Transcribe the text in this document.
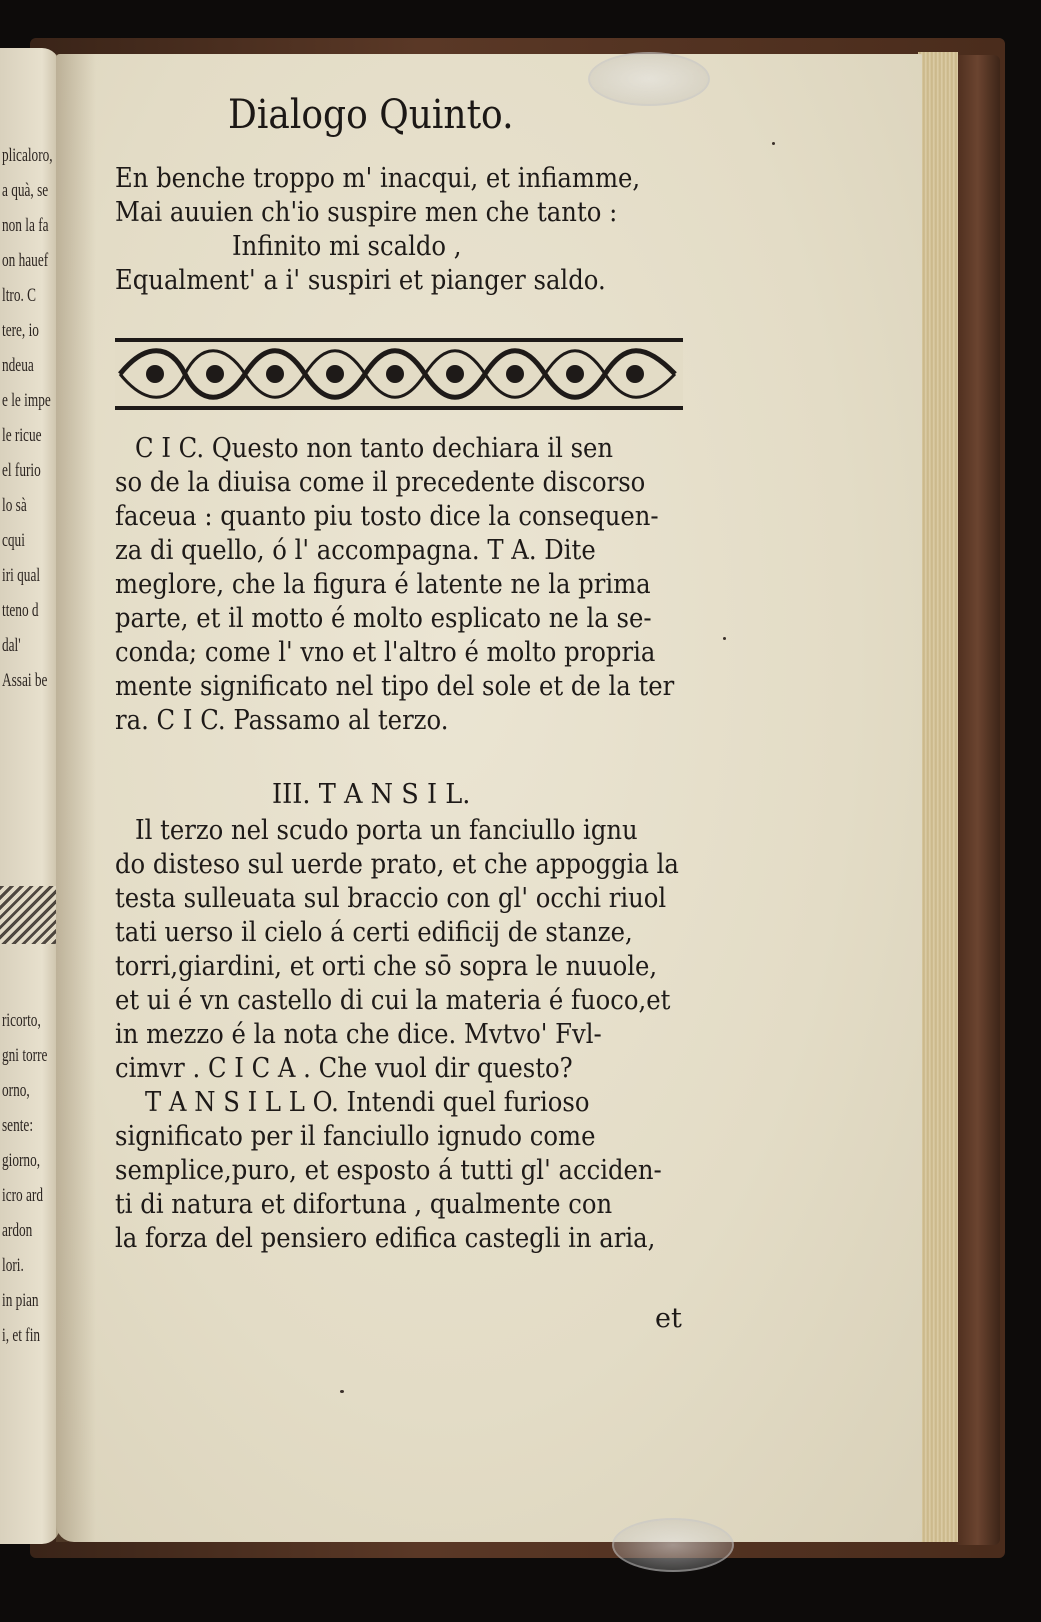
plicaloro,
a quà, se
non la fa
on hauef
ltro. C
tere, io
ndeua
e le impe
le ricue
el furio
lo sà
cqui
iri qual
tteno d
dal'
Assai be
ricorto,
gni torre
orno,
sente:
giorno,
icro ard
ardon
lori.
in pian
i, et fin
Dialogo Quinto.
En benche troppo m' inacqui, et infiamme,
Mai auuien ch'io suspire men che tanto :
Infinito mi scaldo ,
Equalment' a i' suspiri et pianger saldo.
C I C. Questo non tanto dechiara il sen
so de la diuisa come il precedente discorso
faceua : quanto piu tosto dice la consequen-
za di quello, ó l' accompagna. T A. Dite
meglore, che la figura é latente ne la prima
parte, et il motto é molto esplicato ne la se-
conda; come l' vno et l'altro é molto propria
mente significato nel tipo del sole et de la ter
ra. C I C. Passamo al terzo.
III. T A N S I L.
Il terzo nel scudo porta un fanciullo ignu
do disteso sul uerde prato, et che appoggia la
testa sulleuata sul braccio con gl' occhi riuol
tati uerso il cielo á certi edificij de stanze,
torri,giardini, et orti che sō sopra le nuuole,
et ui é vn castello di cui la materia é fuoco,et
in mezzo é la nota che dice. Mvtvo' Fvl-
cimvr . C I C A . Che vuol dir questo?
T A N S I L L O. Intendi quel furioso
significato per il fanciullo ignudo come
semplice,puro, et esposto á tutti gl' acciden-
ti di natura et difortuna , qualmente con
la forza del pensiero edifica castegli in aria,
et
